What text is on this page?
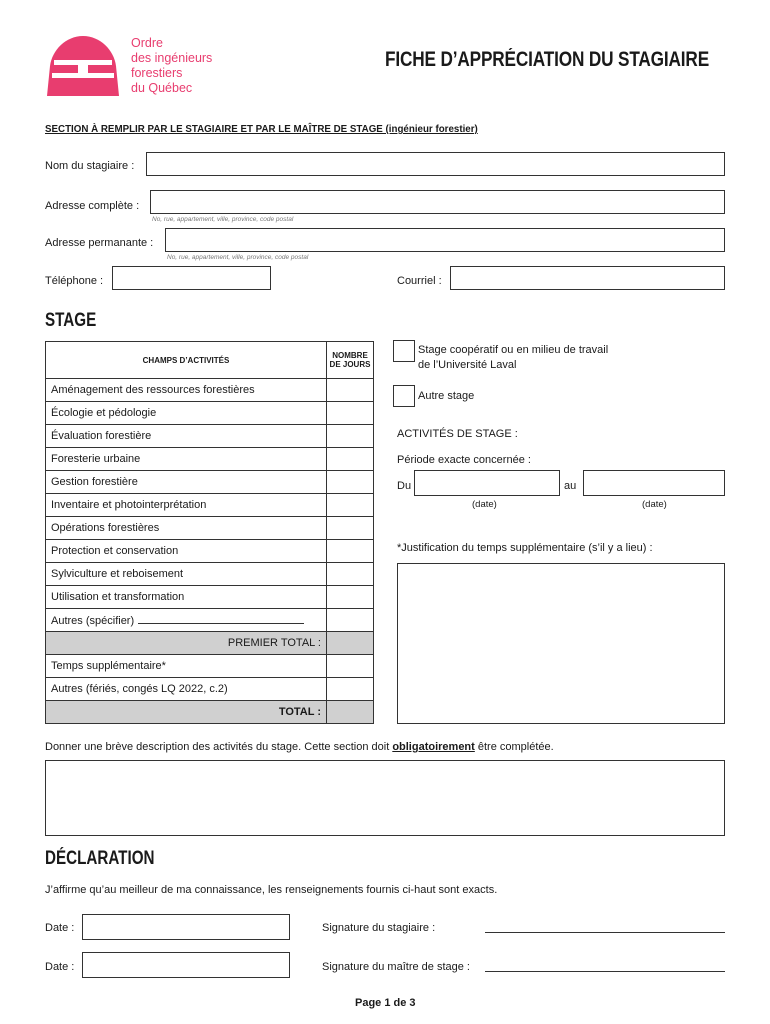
Ordre
des ingénieurs
forestiers
du Québec
FICHE D’APPRÉCIATION DU STAGIAIRE
SECTION À REMPLIR PAR LE STAGIAIRE ET PAR LE MAÎTRE DE STAGE (ingénieur forestier)
Nom du stagiaire :
Adresse complète :
No, rue, appartement, ville, province, code postal
Adresse permanante :
No, rue, appartement, ville, province, code postal
Téléphone :	Courriel :
STAGE
CHAMPS D’ACTIVITÉS	NOMBRE
DE JOURS

Aménagement des ressources forestières	
Écologie et pédologie	
Évaluation forestière	
Foresterie urbaine	
Gestion forestière	
Inventaire et photointerprétation	
Opérations forestières	
Protection et conservation	
Sylviculture et reboisement	
Utilisation et transformation	
Autres (spécifier)	
PREMIER TOTAL :	
Temps supplémentaire*	
Autres (fériés, congés LQ 2022, c.2)	
TOTAL :	
Stage coopératif ou en milieu de travail
de l’Université Laval
Autre stage
ACTIVITÉS DE STAGE :
Période exacte concernée :
Du	au
(date)	(date)
*Justification du temps supplémentaire (s’il y a lieu) :
Donner une brève description des activités du stage. Cette section doit obligatoirement être complétée.
DÉCLARATION
J’affirme qu’au meilleur de ma connaissance, les renseignements fournis ci-haut sont exacts.
Date :	Signature du stagiaire :
Date :	Signature du maître de stage :
Page 1 de 3
